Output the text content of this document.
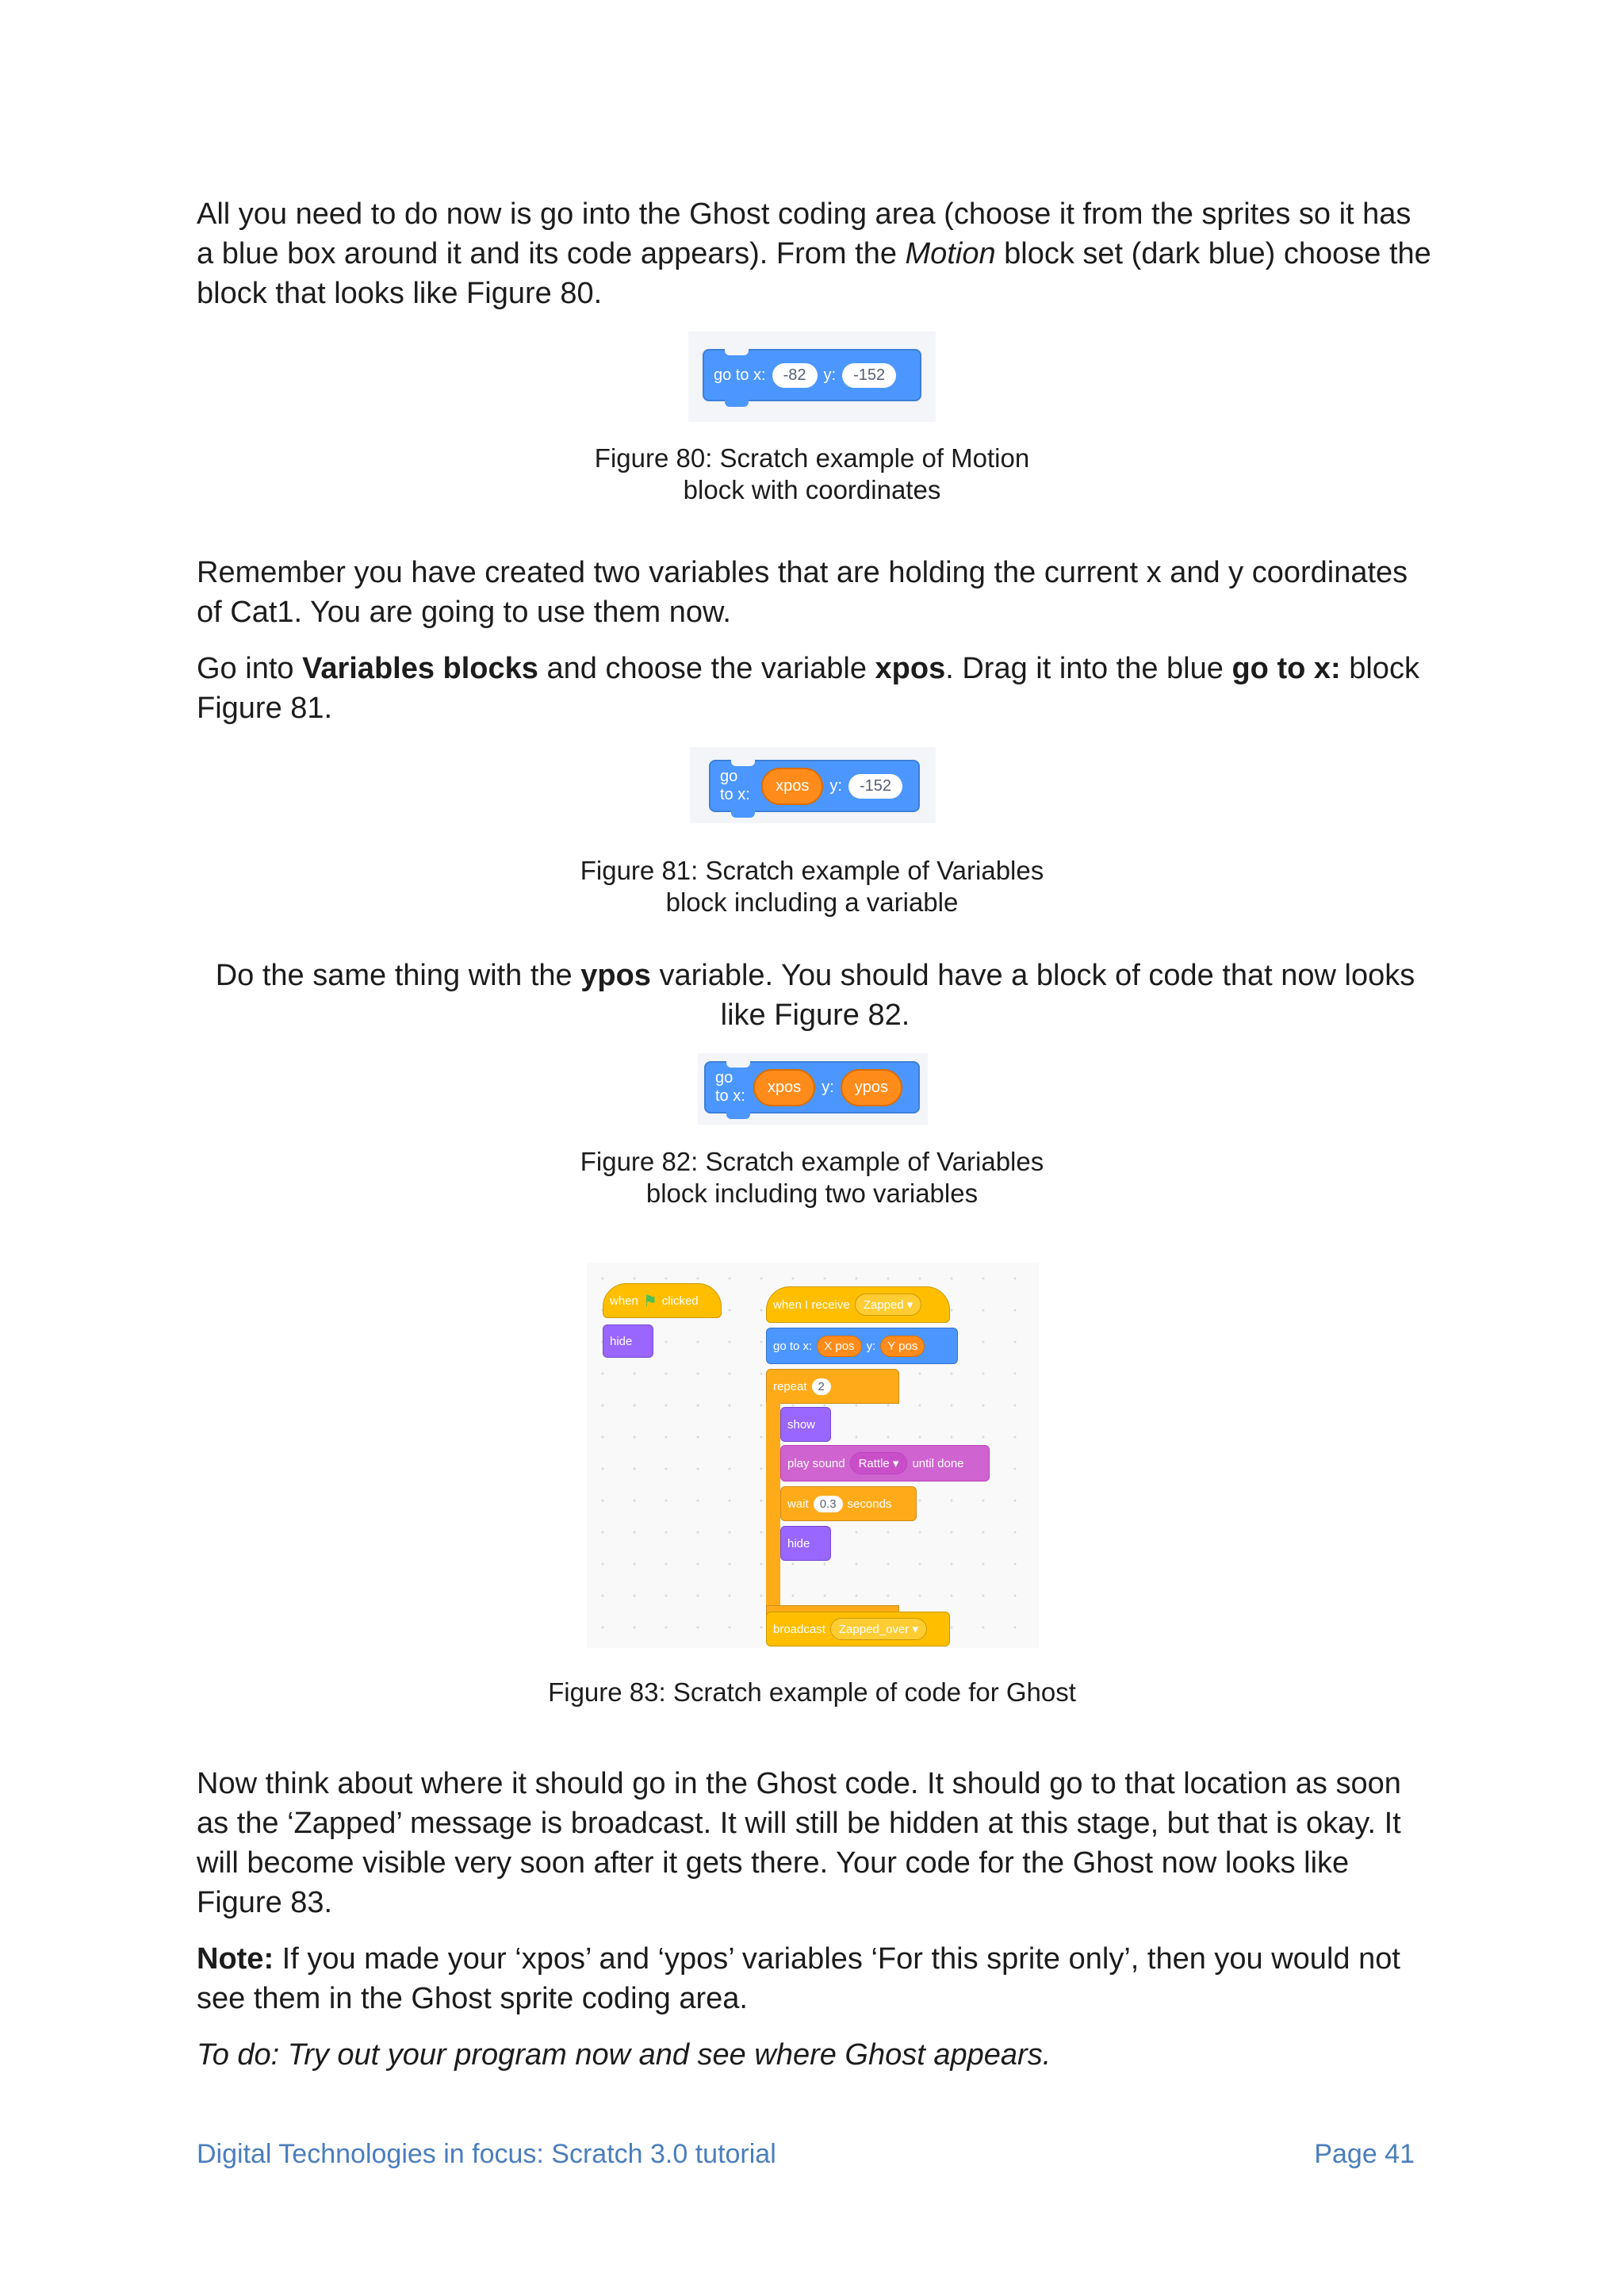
All you need to do now is go into the Ghost coding area (choose it from the sprites so it has a blue box around it and its code appears). From the Motion block set (dark blue) choose the block that looks like Figure 80.

go to x:	-82	y:	-152

Figure 80: Scratch example of Motion
block with coordinates

Remember you have created two variables that are holding the current x and y coordinates of Cat1. You are going to use them now.

Go into Variables blocks and choose the variable xpos. Drag it into the blue go to x: block Figure 81.

go to x:
xpos	y:	-152

Figure 81: Scratch example of Variables
block including a variable

Do the same thing with the ypos variable. You should have a block of code that now looks like Figure 82.

go to x:
xpos	y:	ypos

Figure 82: Scratch example of Variables
block including two variables

when ⚑ clicked
hide
when I receive	Zapped ▾
go to x:	X pos	y:	Y pos
repeat 2
show
play sound	Rattle ▾	until done
wait 0.3 seconds
hide
broadcast	Zapped_over ▾

Figure 83: Scratch example of code for Ghost

Now think about where it should go in the Ghost code. It should go to that location as soon as the ‘Zapped’ message is broadcast. It will still be hidden at this stage, but that is okay. It will become visible very soon after it gets there. Your code for the Ghost now looks like Figure 83.

Note: If you made your ‘xpos’ and ‘ypos’ variables ‘For this sprite only’, then you would not see them in the Ghost sprite coding area.

To do: Try out your program now and see where Ghost appears.

Digital Technologies in focus: Scratch 3.0 tutorial	Page 41
